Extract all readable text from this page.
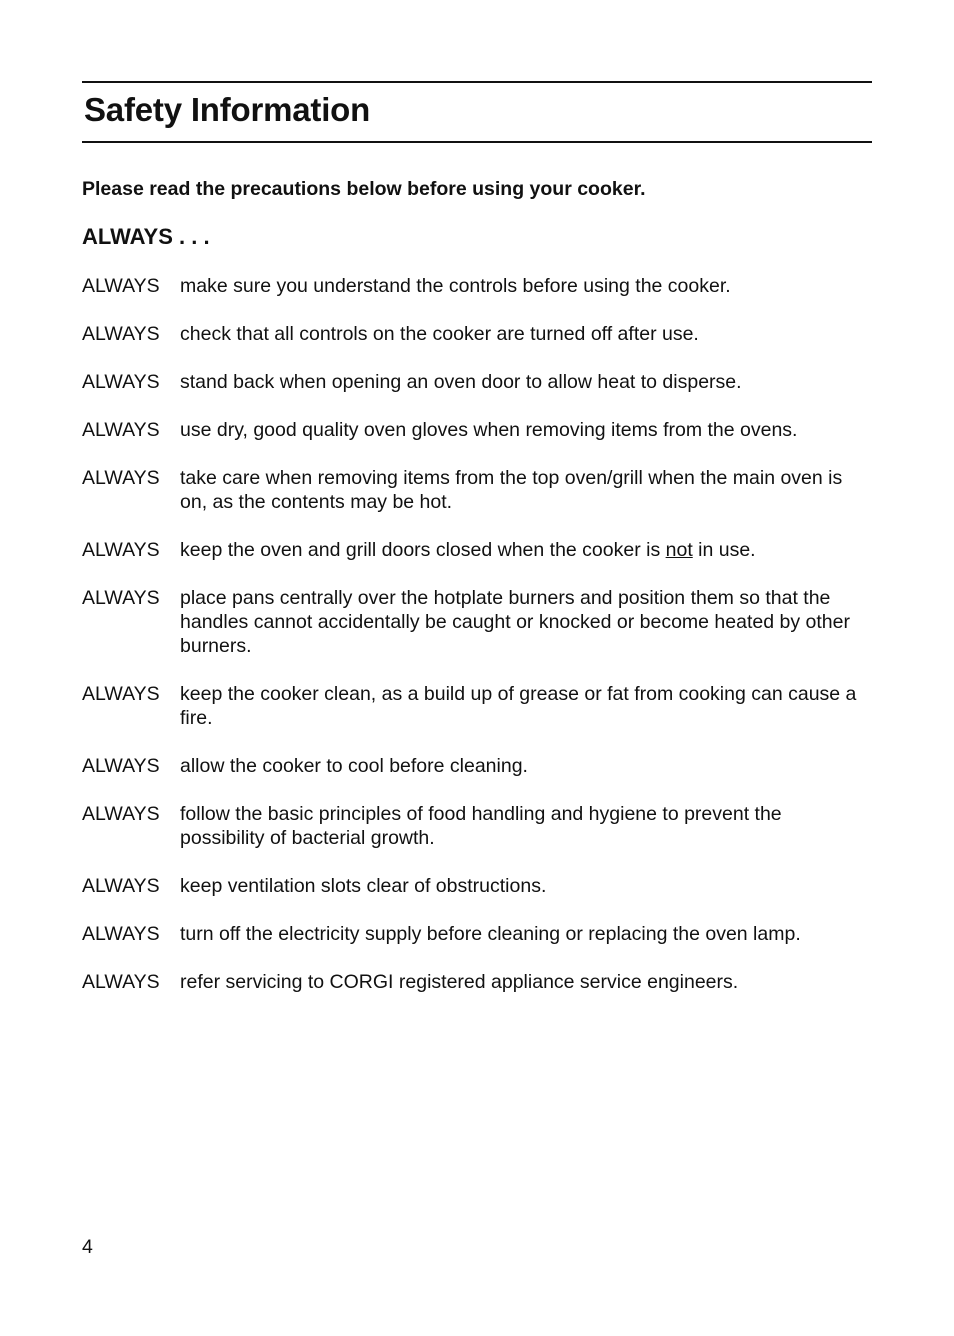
Safety Information

Please read the precautions below before using your cooker.

ALWAYS . . .
ALWAYS	make sure you understand the controls before using the cooker.
ALWAYS	check that all controls on the cooker are turned off after use.
ALWAYS	stand back when opening an oven door to allow heat to disperse.
ALWAYS	use dry, good quality oven gloves when removing items from the ovens.
ALWAYS	take care when removing items from the top oven/grill when the main oven is on, as the contents may be hot.
ALWAYS	keep the oven and grill doors closed when the cooker is not in use.
ALWAYS	place pans centrally over the hotplate burners and position them so that the handles cannot accidentally be caught or knocked or become heated by other burners.
ALWAYS	keep the cooker clean, as a build up of grease or fat from cooking can cause a fire.
ALWAYS	allow the cooker to cool before cleaning.
ALWAYS	follow the basic principles of food handling and hygiene to prevent the possibility of bacterial growth.
ALWAYS	keep ventilation slots clear of obstructions.
ALWAYS	turn off the electricity supply before cleaning or replacing the oven lamp.
ALWAYS	refer servicing to CORGI registered appliance service engineers.
4
